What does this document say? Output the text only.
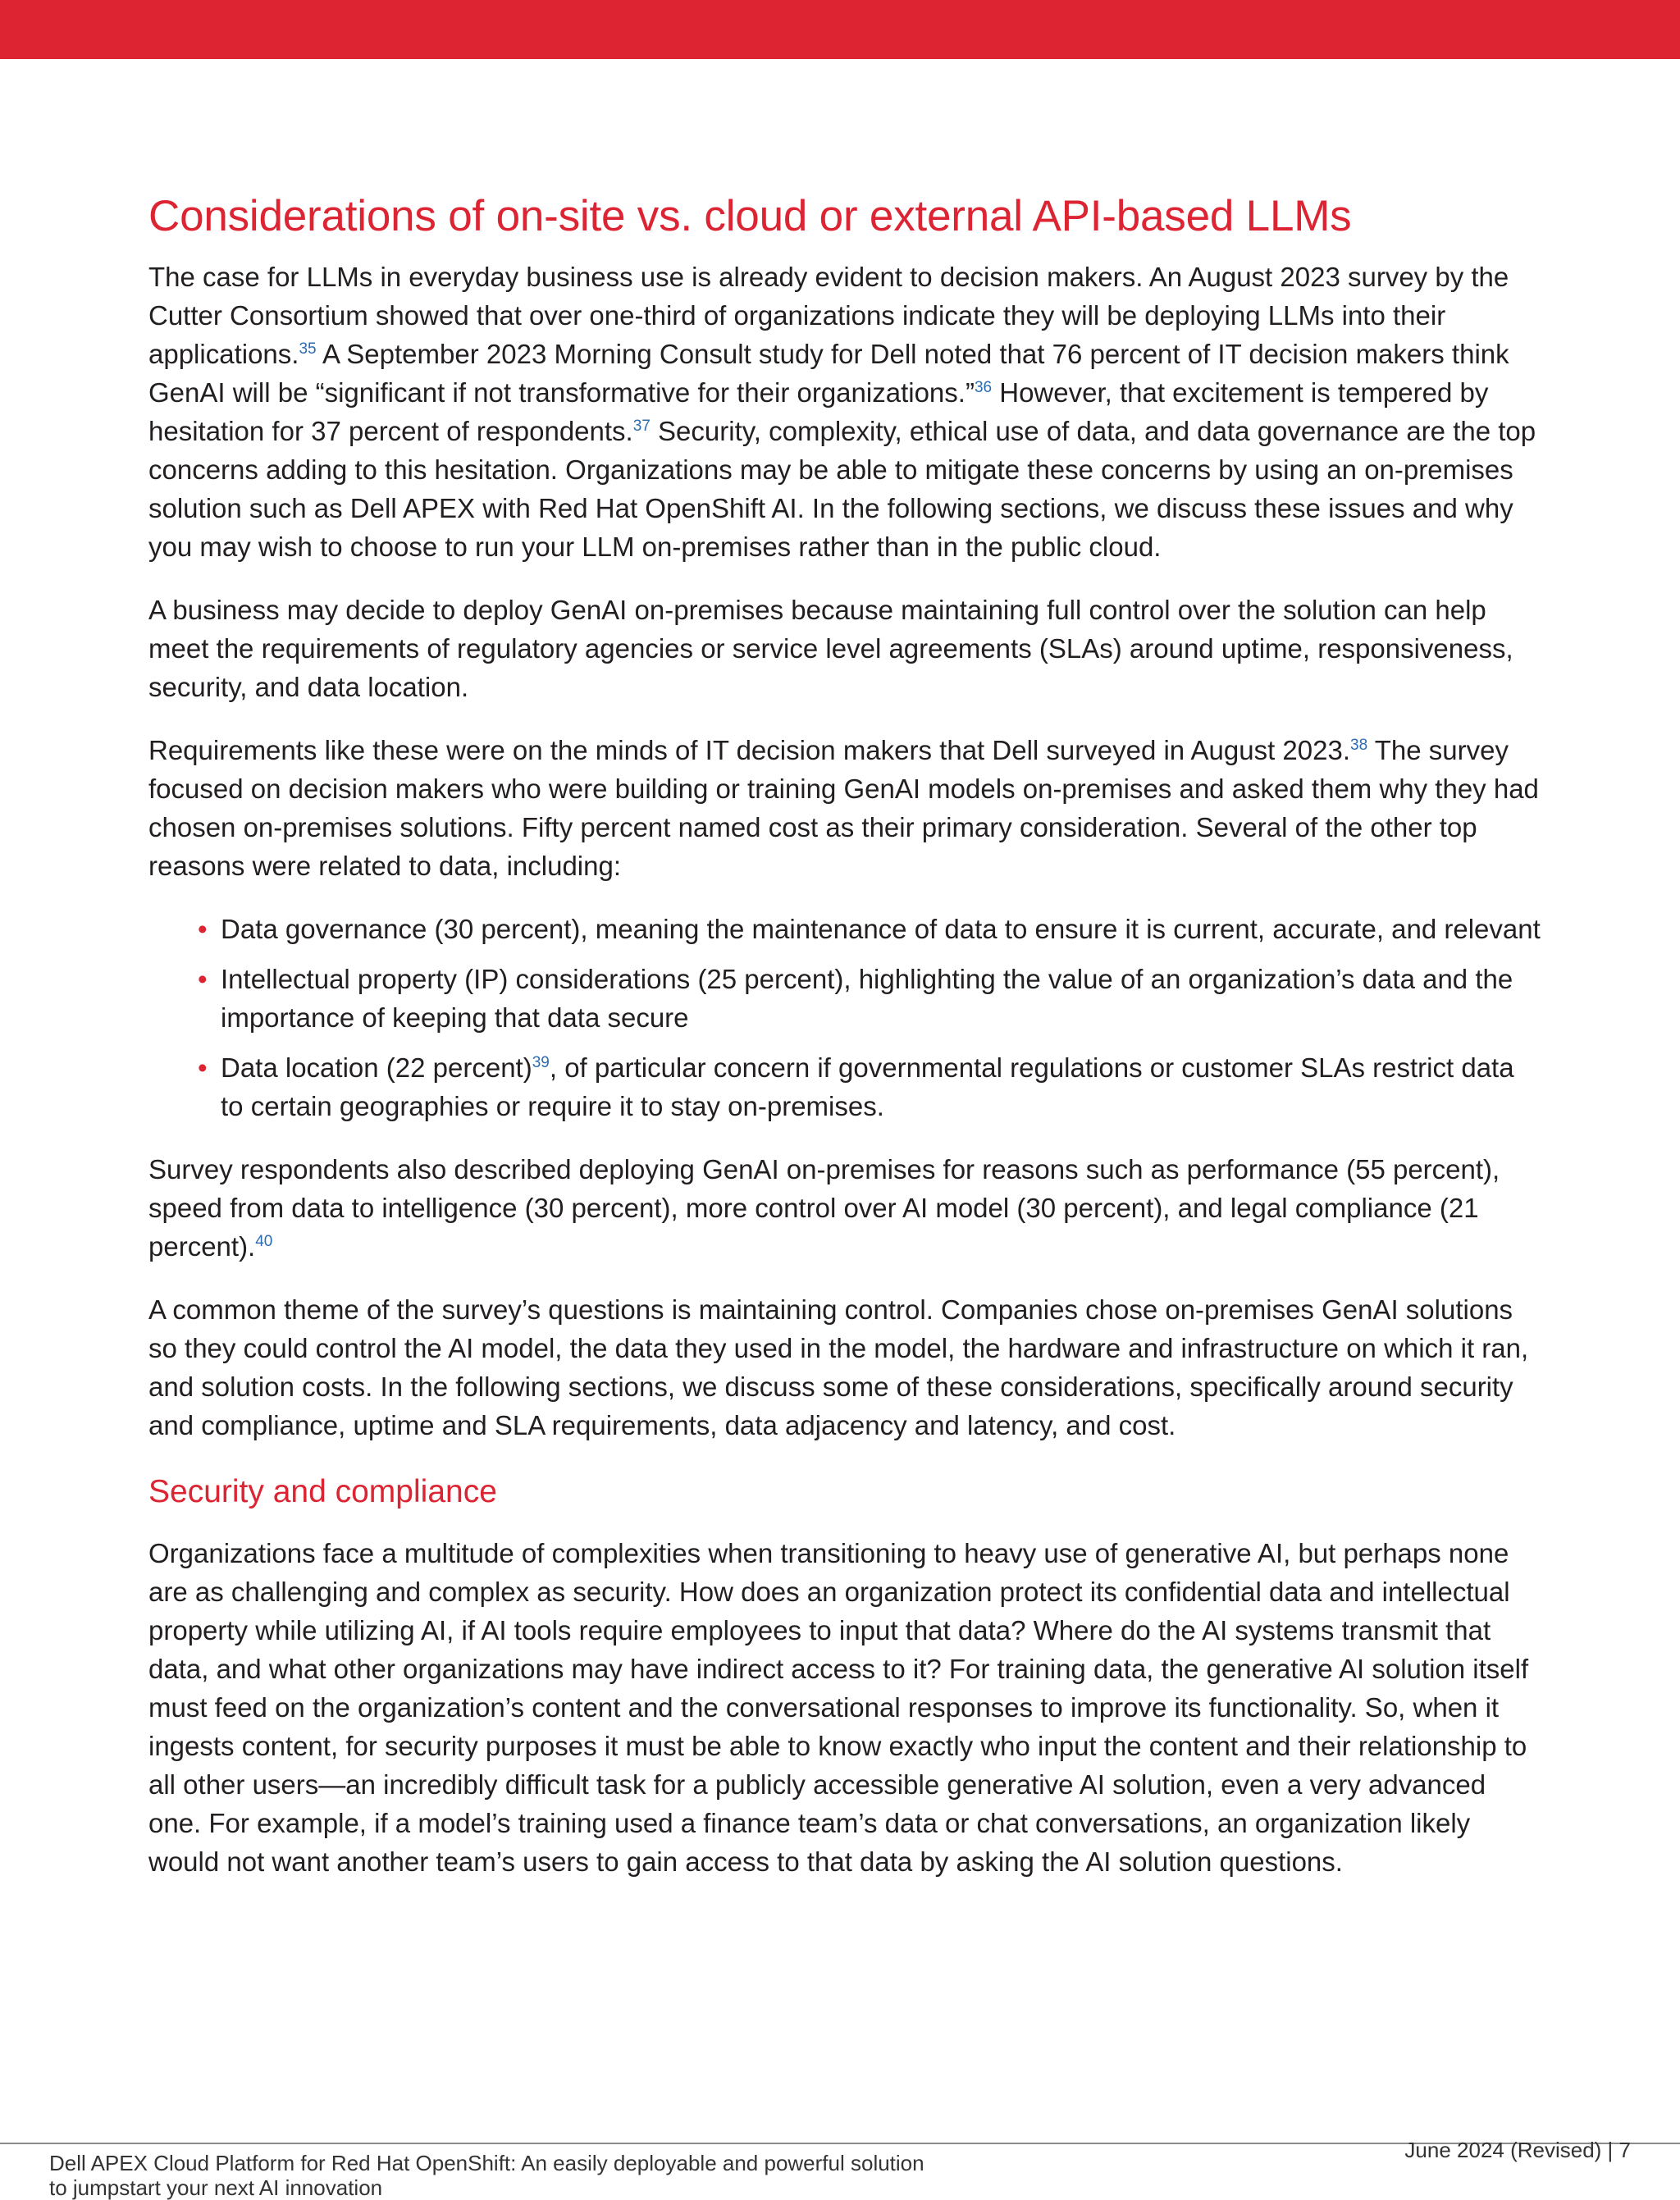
Considerations of on-site vs. cloud or external API-based LLMs

The case for LLMs in everyday business use is already evident to decision makers. An August 2023 survey by the Cutter Consortium showed that over one-third of organizations indicate they will be deploying LLMs into their applications.$^{35}$ A September 2023 Morning Consult study for Dell noted that 76 percent of IT decision makers think GenAI will be “significant if not transformative for their organizations.”$^{36}$ However, that excitement is tempered by hesitation for 37 percent of respondents.$^{37}$ Security, complexity, ethical use of data, and data governance are the top concerns adding to this hesitation. Organizations may be able to mitigate these concerns by using an on-premises solution such as Dell APEX with Red Hat OpenShift AI. In the following sections, we discuss these issues and why you may wish to choose to run your LLM on-premises rather than in the public cloud.

A business may decide to deploy GenAI on-premises because maintaining full control over the solution can help meet the requirements of regulatory agencies or service level agreements (SLAs) around uptime, responsiveness, security, and data location.

Requirements like these were on the minds of IT decision makers that Dell surveyed in August 2023.38 The survey focused on decision makers who were building or training GenAI models on-premises and asked them why they had chosen on-premises solutions. Fifty percent named cost as their primary consideration. Several of the other top reasons were related to data, including:

• Data governance (30 percent), meaning the maintenance of data to ensure it is current, accurate, and relevant
• Intellectual property (IP) considerations (25 percent), highlighting the value of an organization’s data and the importance of keeping that data secure
• Data location (22 percent)$^{39}$, of particular concern if governmental regulations or customer SLAs restrict data to certain geographies or require it to stay on-premises.

Survey respondents also described deploying GenAI on-premises for reasons such as performance (55 percent), speed from data to intelligence (30 percent), more control over AI model (30 percent), and legal compliance (21 percent).$^{40}$

A common theme of the survey’s questions is maintaining control. Companies chose on-premises GenAI solutions so they could control the AI model, the data they used in the model, the hardware and infrastructure on which it ran, and solution costs. In the following sections, we discuss some of these considerations, specifically around security and compliance, uptime and SLA requirements, data adjacency and latency, and cost.

Security and compliance

Organizations face a multitude of complexities when transitioning to heavy use of generative AI, but perhaps none are as challenging and complex as security. How does an organization protect its confidential data and intellectual property while utilizing AI, if AI tools require employees to input that data? Where do the AI systems transmit that data, and what other organizations may have indirect access to it? For training data, the generative AI solution itself must feed on the organization’s content and the conversational responses to improve its functionality. So, when it ingests content, for security purposes it must be able to know exactly who input the content and their relationship to all other users—an incredibly difficult task for a publicly accessible generative AI solution, even a very advanced one. For example, if a model’s training used a finance team’s data or chat conversations, an organization likely would not want another team’s users to gain access to that data by asking the AI solution questions.

Dell APEX Cloud Platform for Red Hat OpenShift: An easily deployable and powerful solution
to jumpstart your next AI innovation
June 2024 (Revised) | 7
